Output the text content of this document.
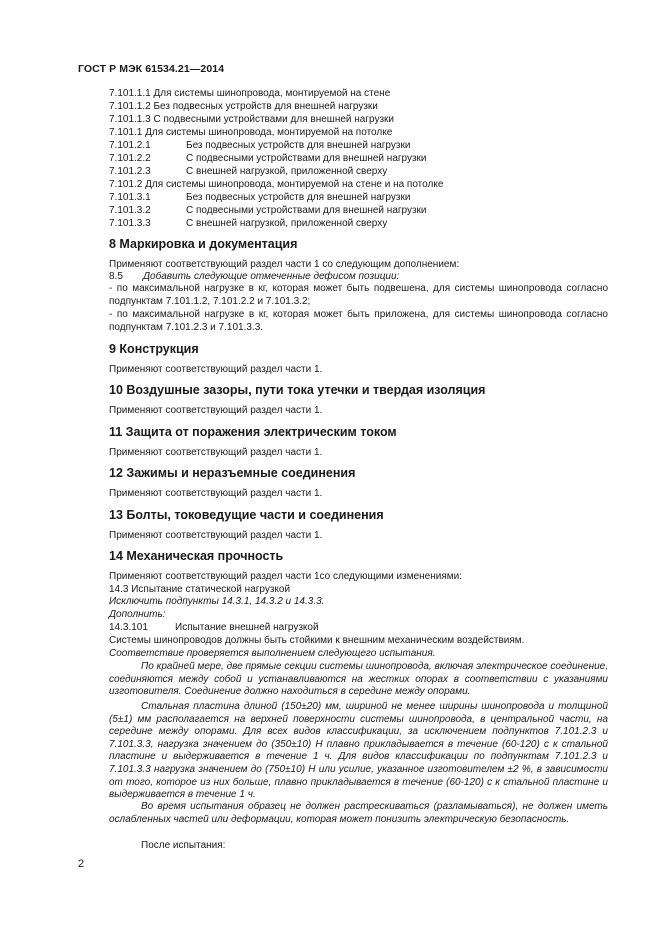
ГОСТ Р МЭК 61534.21—2014
7.101.1.1 Для системы шинопровода, монтируемой на стене
7.101.1.2 Без подвесных устройств для внешней нагрузки
7.101.1.3 С подвесными устройствами для внешней нагрузки
7.101.1 Для системы шинопровода, монтируемой на потолке
7.101.2.1	Без подвесных устройств для внешней нагрузки
7.101.2.2	С подвесными устройствами для внешней нагрузки
7.101.2.3	С внешней нагрузкой, приложенной сверху
7.101.2 Для системы шинопровода, монтируемой на стене и на потолке
7.101.3.1	Без подвесных устройств для внешней нагрузки
7.101.3.2	С подвесными устройствами для внешней нагрузки
7.101.3.3	С внешней нагрузкой, приложенной сверху
8 Маркировка и документация
Применяют соответствующий раздел части 1 со следующим дополнением:
8.5 Добавить следующие отмеченные дефисом позиции:
- по максимальной нагрузке в кг, которая может быть подвешена, для системы шинопровода согласно подпунктам 7.101.1.2, 7.101.2.2 и 7.101.3.2;
- по максимальной нагрузке в кг, которая может быть приложена, для системы шинопровода согласно подпунктам 7.101.2.3 и 7.101.3.3.
9 Конструкция
Применяют соответствующий раздел части 1.
10 Воздушные зазоры, пути тока утечки и твердая изоляция
Применяют соответствующий раздел части 1.
11 Защита от поражения электрическим током
Применяют соответствующий раздел части 1.
12 Зажимы и неразъемные соединения
Применяют соответствующий раздел части 1.
13 Болты, токоведущие части и соединения
Применяют соответствующий раздел части 1.
14 Механическая прочность
Применяют соответствующий раздел части 1со следующими изменениями:
14.3 Испытание статической нагрузкой
Исключить подпункты 14.3.1, 14.3.2 и 14.3.3.
Дополнить:
14.3.101	Испытание внешней нагрузкой
Системы шинопроводов должны быть стойкими к внешним механическим воздействиям.
Соответствие проверяется выполнением следующего испытания.
По крайней мере, две прямые секции системы шинопровода, включая электрическое соединение, соединяются между собой и устанавливаются на жестких опорах в соответствии с указаниями изготовителя. Соединение должно находиться в середине между опорами.
Стальная пластина длиной (150±20) мм, шириной не менее ширины шинопровода и толщиной (5±1) мм располагается на верхней поверхности системы шинопровода, в центральной части, на середине между опорами. Для всех видов классификации, за исключением подпунктов 7.101.2.3 и 7.101.3.3, нагрузка значением до (350±10) Н плавно прикладывается в течение (60-120) с к стальной пластине и выдерживается в течение 1 ч. Для видов классификации по подпунктам 7.101.2.3 и 7.101.3.3 нагрузка значением до (750±10) Н или усилие, указанное изготовителем ±2 %, в зависимости от того, которое из них больше, плавно прикладывается в течение (60-120) с к стальной пластине и выдерживается в течение 1 ч.
Во время испытания образец не должен растрескиваться (разламываться), не должен иметь ослабленных частей или деформации, которая может понизить электрическую безопасность.
После испытания:
2
